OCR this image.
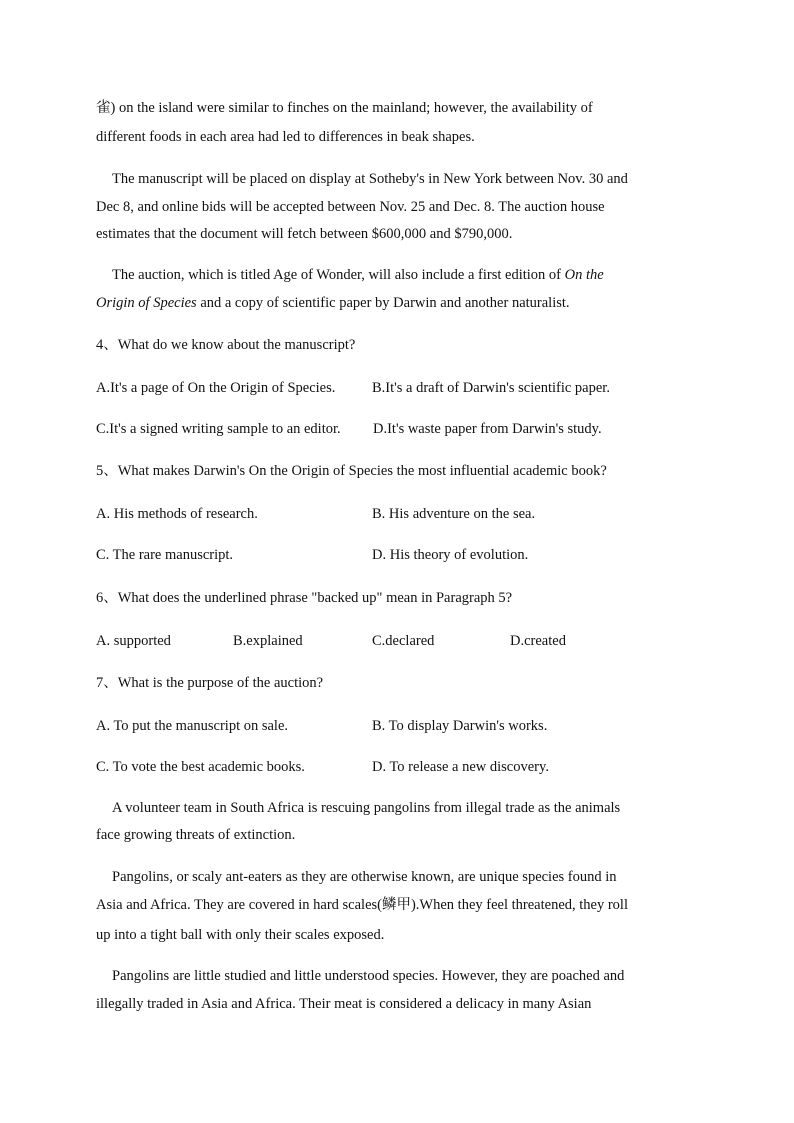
雀) on the island were similar to finches on the mainland; however, the availability of
different foods in each area had led to differences in beak shapes.
The manuscript will be placed on display at Sotheby's in New York between Nov. 30 and
Dec 8, and online bids will be accepted between Nov. 25 and Dec. 8. The auction house
estimates that the document will fetch between $600,000 and $790,000.
The auction, which is titled Age of Wonder, will also include a first edition of On the
Origin of Species and a copy of scientific paper by Darwin and another naturalist.
4、What do we know about the manuscript?
A.It's a page of On the Origin of Species.	B.It's a draft of Darwin's scientific paper.
C.It's a signed writing sample to an editor. D.It's waste paper from Darwin's study.
5、What makes Darwin's On the Origin of Species the most influential academic book?
A. His methods of research.	B. His adventure on the sea.
C. The rare manuscript.	D. His theory of evolution.
6、What does the underlined phrase "backed up" mean in Paragraph 5?
A. supported	B.explained	C.declared	D.created
7、What is the purpose of the auction?
A. To put the manuscript on sale.	B. To display Darwin's works.
C. To vote the best academic books.	D. To release a new discovery.
A volunteer team in South Africa is rescuing pangolins from illegal trade as the animals
face growing threats of extinction.
Pangolins, or scaly ant-eaters as they are otherwise known, are unique species found in
Asia and Africa. They are covered in hard scales(鳞甲).When they feel threatened, they roll
up into a tight ball with only their scales exposed.
Pangolins are little studied and little understood species. However, they are poached and
illegally traded in Asia and Africa. Their meat is considered a delicacy in many Asian
